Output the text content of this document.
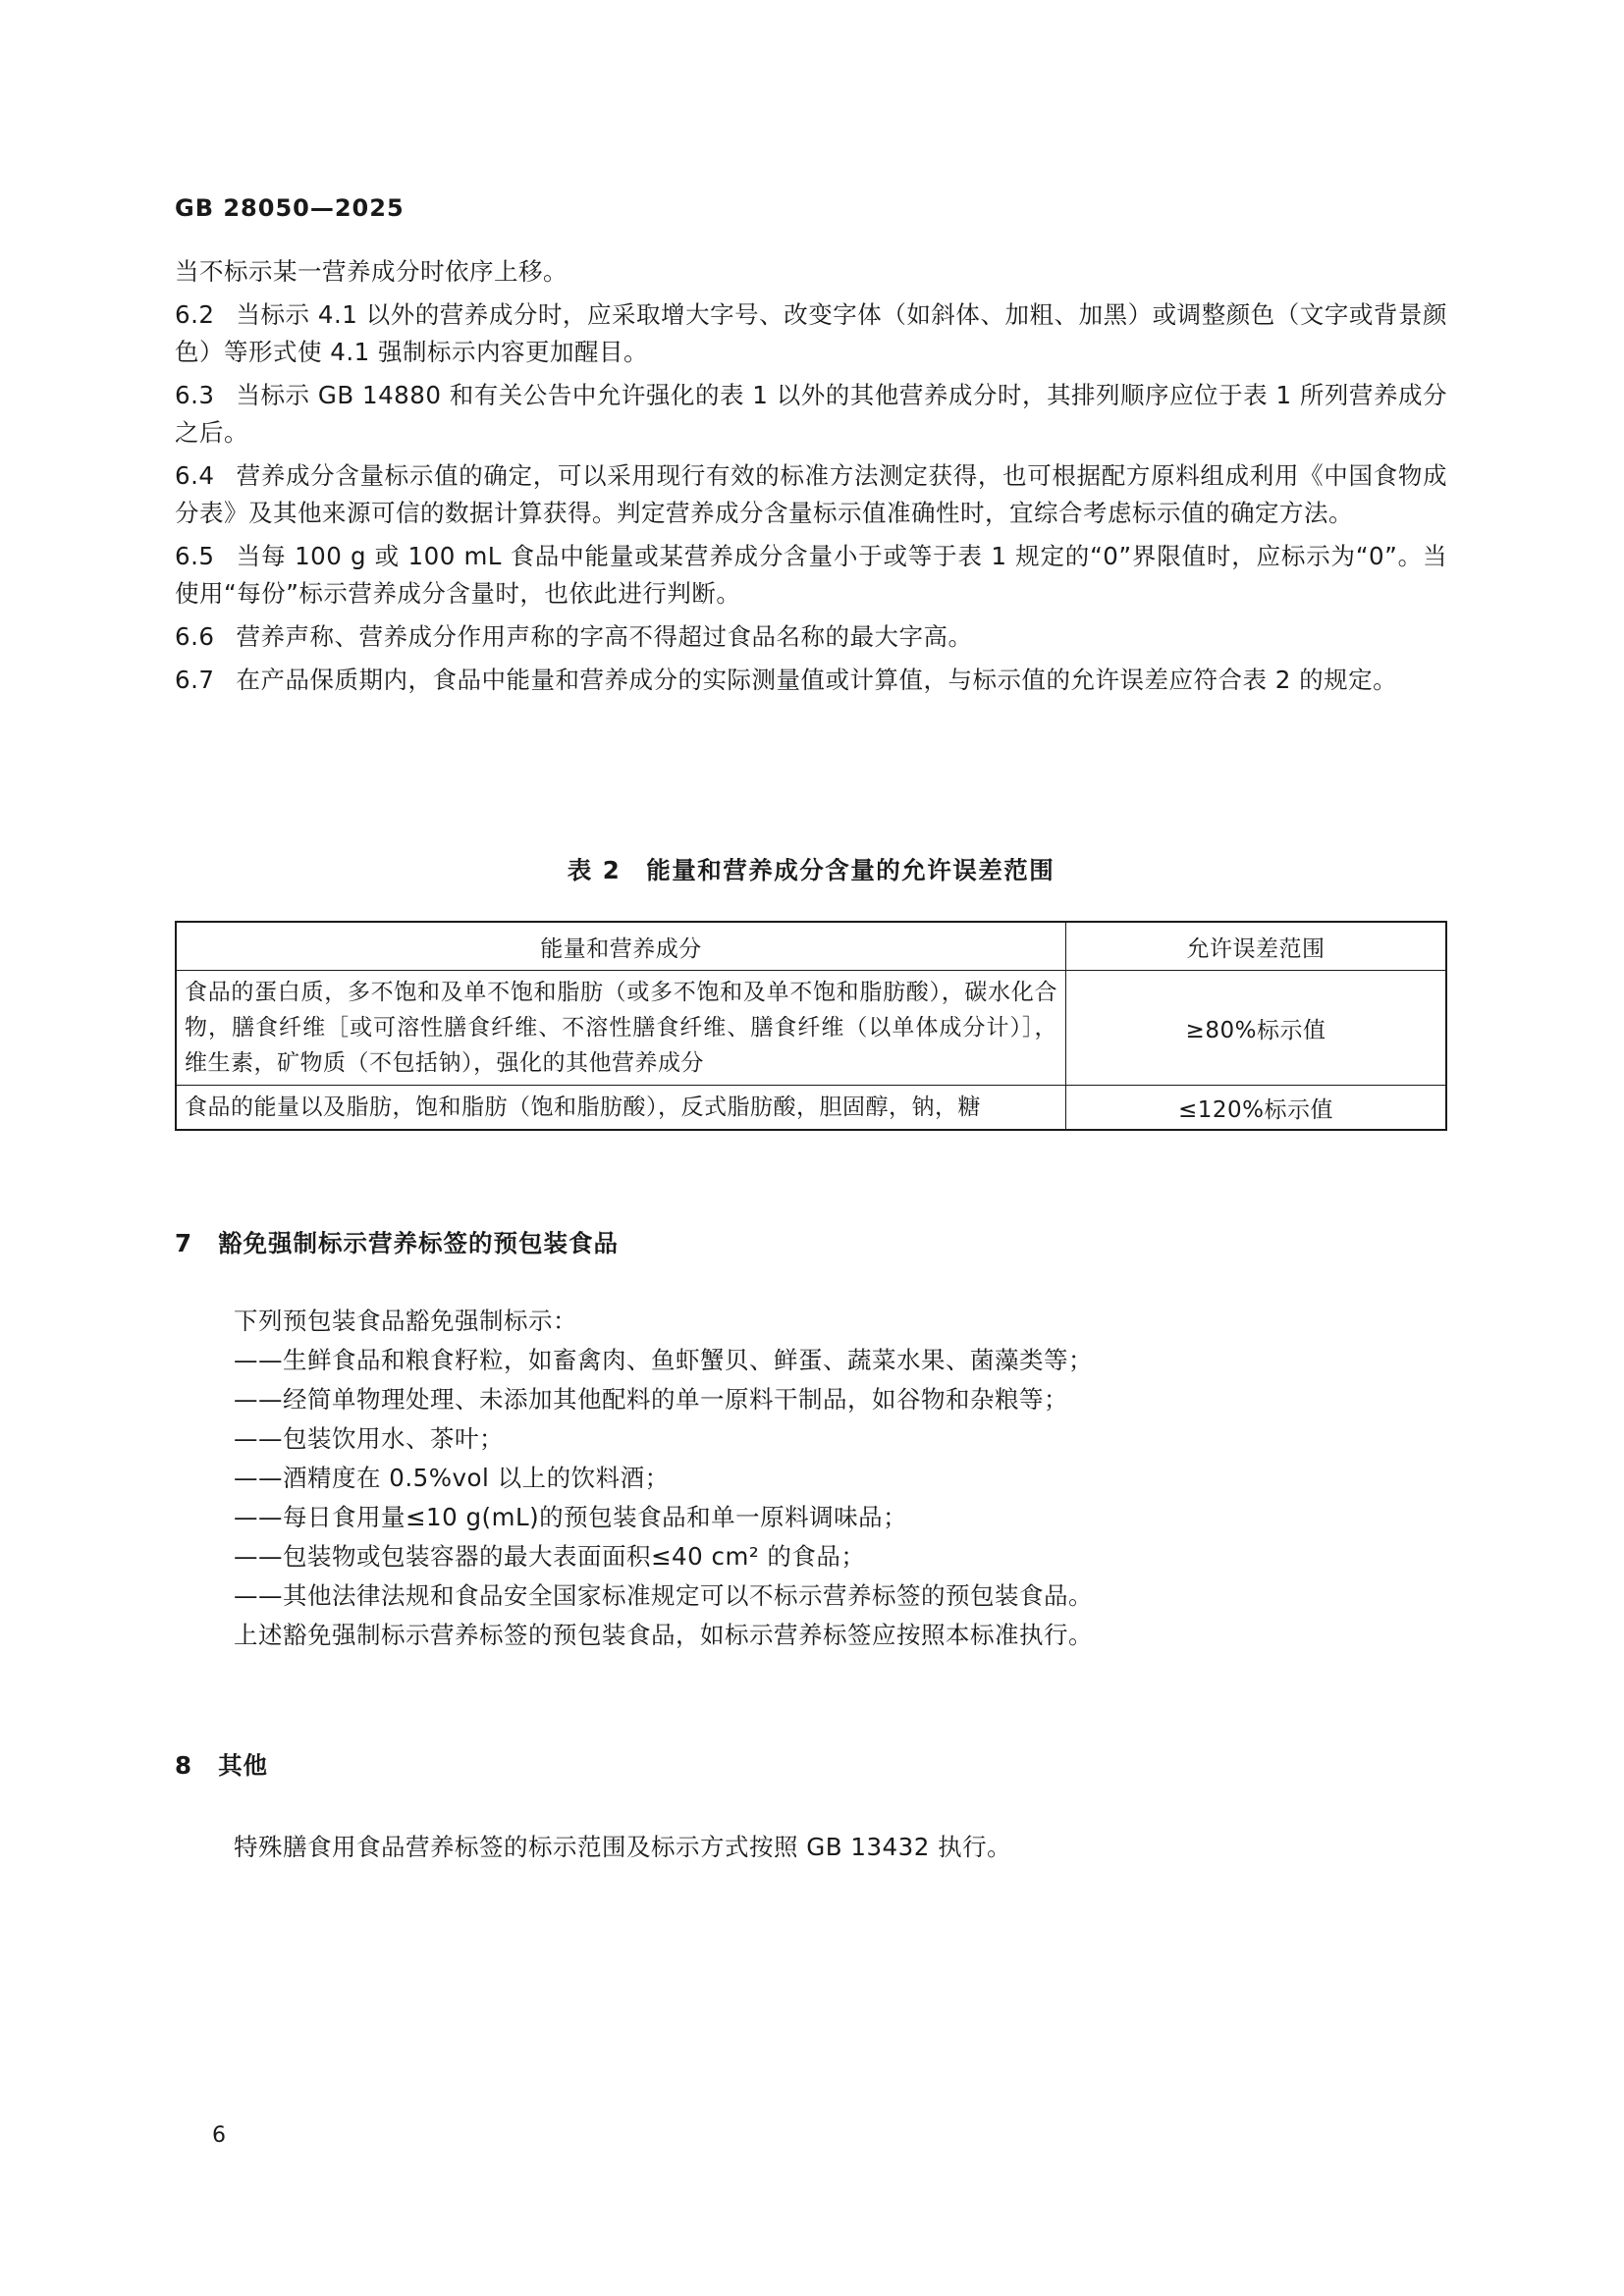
GB 28050—2025

当不标示某一营养成分时依序上移。

6.2 当标示 4.1 以外的营养成分时，应采取增大字号、改变字体（如斜体、加粗、加黑）或调整颜色（文字或背景颜色）等形式使 4.1 强制标示内容更加醒目。

6.3 当标示 GB 14880 和有关公告中允许强化的表 1 以外的其他营养成分时，其排列顺序应位于表 1 所列营养成分之后。

6.4 营养成分含量标示值的确定，可以采用现行有效的标准方法测定获得，也可根据配方原料组成利用《中国食物成分表》及其他来源可信的数据计算获得。判定营养成分含量标示值准确性时，宜综合考虑标示值的确定方法。

6.5 当每 100 g 或 100 mL 食品中能量或某营养成分含量小于或等于表 1 规定的“0”界限值时，应标示为“0”。当使用“每份”标示营养成分含量时，也依此进行判断。

6.6 营养声称、营养成分作用声称的字高不得超过食品名称的最大字高。

6.7 在产品保质期内，食品中能量和营养成分的实际测量值或计算值，与标示值的允许误差应符合表 2 的规定。

表 2　能量和营养成分含量的允许误差范围
能量和营养成分	允许误差范围
食品的蛋白质，多不饱和及单不饱和脂肪（或多不饱和及单不饱和脂肪酸），碳水化合物，膳食纤维［或可溶性膳食纤维、不溶性膳食纤维、膳食纤维（以单体成分计）］，维生素，矿物质（不包括钠），强化的其他营养成分	≥80%标示值
食品的能量以及脂肪，饱和脂肪（饱和脂肪酸），反式脂肪酸，胆固醇，钠，糖	≤120%标示值
7 豁免强制标示营养标签的预包装食品
下列预包装食品豁免强制标示：
——生鲜食品和粮食籽粒，如畜禽肉、鱼虾蟹贝、鲜蛋、蔬菜水果、菌藻类等；
——经简单物理处理、未添加其他配料的单一原料干制品，如谷物和杂粮等；
——包装饮用水、茶叶；
——酒精度在 0.5%vol 以上的饮料酒；
——每日食用量≤10 g(mL)的预包装食品和单一原料调味品；
——包装物或包装容器的最大表面面积≤40 cm² 的食品；
——其他法律法规和食品安全国家标准规定可以不标示营养标签的预包装食品。
上述豁免强制标示营养标签的预包装食品，如标示营养标签应按照本标准执行。
8 其他
特殊膳食用食品营养标签的标示范围及标示方式按照 GB 13432 执行。
6
